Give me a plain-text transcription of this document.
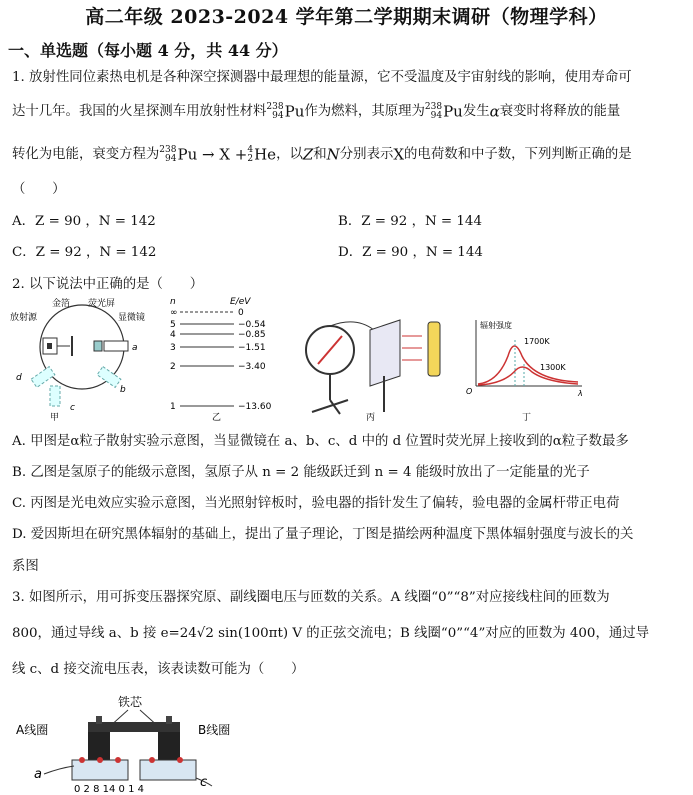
高二年级 2023-2024 学年第二学期期末调研（物理学科）
一、单选题（每小题 4 分，共 44 分）
1. 放射性同位素热电机是各种深空探测器中最理想的能量源，它不受温度及宇宙射线的影响，使用寿命可
达十几年。我国的火星探测车用放射性材料 238
94 Pu作为燃料，其原理为 238
94 Pu发生α衰变时将释放的能量
转化为电能，衰变方程为 238
94 Pu → X + 4
2 He，以Z和N分别表示X的电荷数和中子数，下列判断正确的是
（　　）
A．Z = 90 ，N = 142	B．Z = 92 ，N = 144
C．Z = 92 ，N = 142	D．Z = 90 ，N = 144
2. 以下说法中正确的是（　　）
金箔 荧光屏
放射源	显微镜
a
b
c
d
甲
n	E/eV
∞	0
5	−0.54
4	−0.85
3	−1.51
2	−3.40
1	−13.60
乙	丙
辐射强度
1700K
1300K
O	λ
丁
A. 甲图是α粒子散射实验示意图，当显微镜在 a、b、c、d 中的 d 位置时荧光屏上接收到的α粒子数最多
B. 乙图是氢原子的能级示意图，氢原子从 n = 2 能级跃迁到 n = 4 能级时放出了一定能量的光子
C. 丙图是光电效应实验示意图，当光照射锌板时，验电器的指针发生了偏转，验电器的金属杆带正电荷
D. 爱因斯坦在研究黑体辐射的基础上，提出了量子理论，丁图是描绘两种温度下黑体辐射强度与波长的关
系图
3. 如图所示，用可拆变压器探究原、副线圈电压与匝数的关系。A 线圈“0”“8”对应接线柱间的匝数为
800，通过导线 a、b 接 e=24√2 sin(100πt) V 的正弦交流电；B 线圈“0”“4”对应的匝数为 400，通过导
线 c、d 接交流电压表，该表读数可能为（　　）
铁芯
A线圈	B线圈
a
c
0 2 8 14 0 1 4
